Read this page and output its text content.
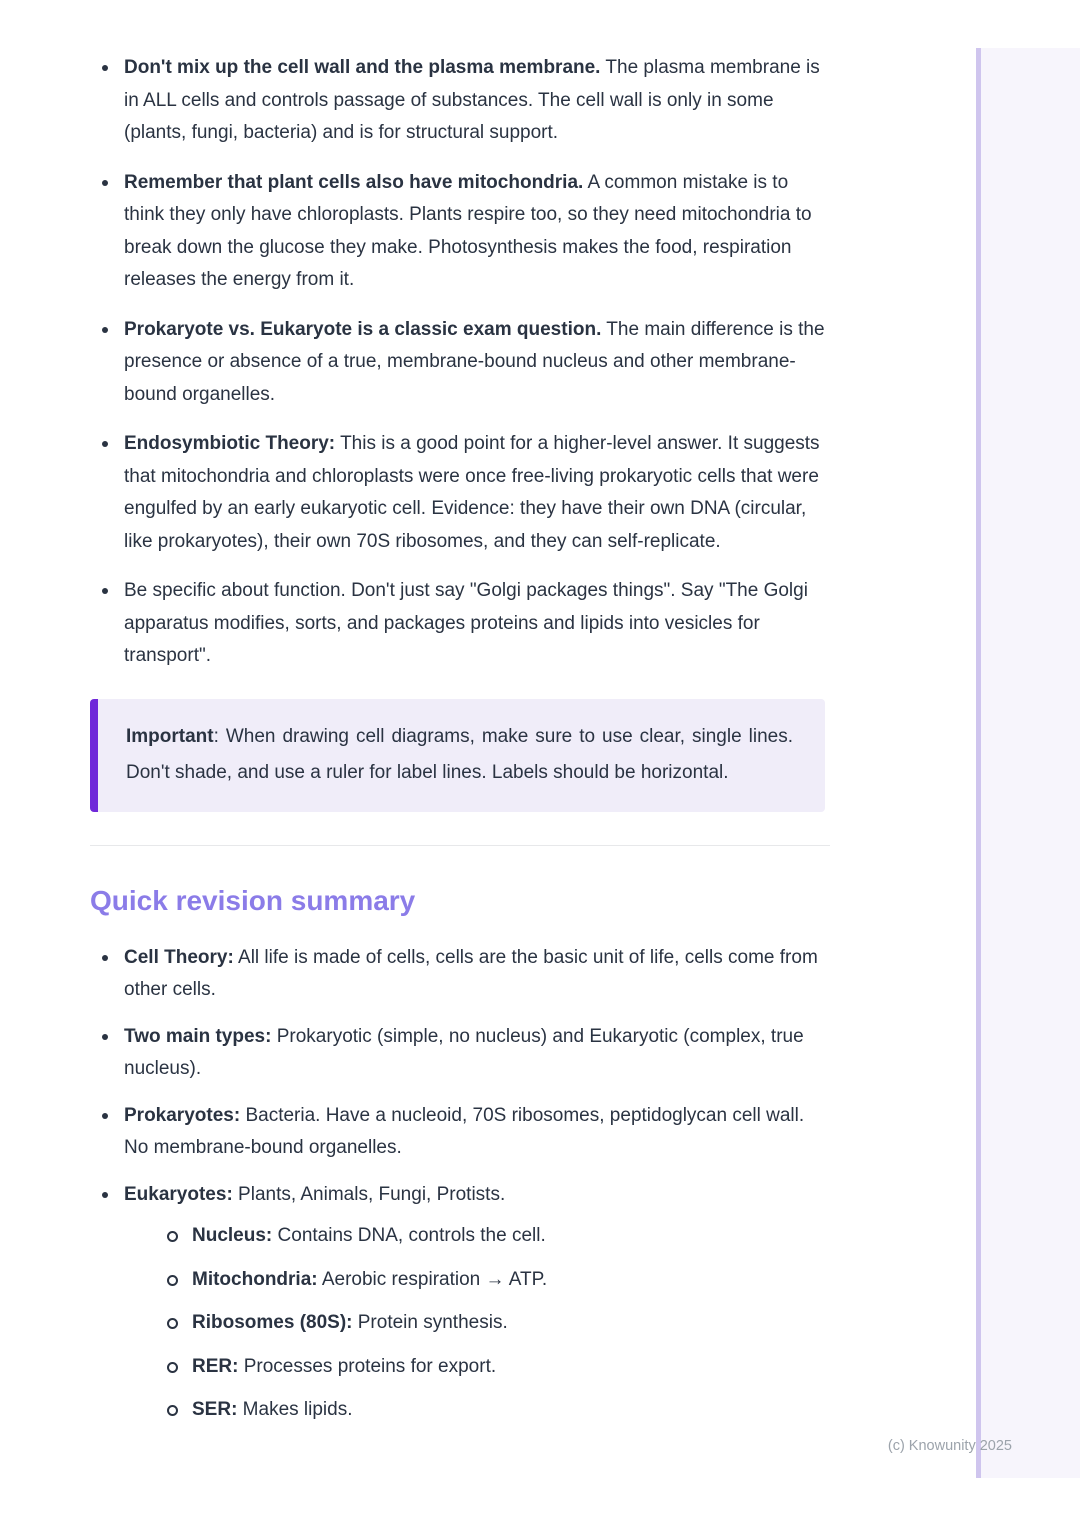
Don't mix up the cell wall and the plasma membrane. The plasma membrane is in ALL cells and controls passage of substances. The cell wall is only in some (plants, fungi, bacteria) and is for structural support.
Remember that plant cells also have mitochondria. A common mistake is to think they only have chloroplasts. Plants respire too, so they need mitochondria to break down the glucose they make. Photosynthesis makes the food, respiration releases the energy from it.
Prokaryote vs. Eukaryote is a classic exam question. The main difference is the presence or absence of a true, membrane-bound nucleus and other membrane-bound organelles.
Endosymbiotic Theory: This is a good point for a higher-level answer. It suggests that mitochondria and chloroplasts were once free-living prokaryotic cells that were engulfed by an early eukaryotic cell. Evidence: they have their own DNA (circular, like prokaryotes), their own 70S ribosomes, and they can self-replicate.
Be specific about function. Don't just say "Golgi packages things". Say "The Golgi apparatus modifies, sorts, and packages proteins and lipids into vesicles for transport".

Important: When drawing cell diagrams, make sure to use clear, single lines. Don't shade, and use a ruler for label lines. Labels should be horizontal.

Quick revision summary
Cell Theory: All life is made of cells, cells are the basic unit of life, cells come from other cells.
Two main types: Prokaryotic (simple, no nucleus) and Eukaryotic (complex, true nucleus).
Prokaryotes: Bacteria. Have a nucleoid, 70S ribosomes, peptidoglycan cell wall. No membrane-bound organelles.
Eukaryotes: Plants, Animals, Fungi, Protists.
Nucleus: Contains DNA, controls the cell.
Mitochondria: Aerobic respiration → ATP.
Ribosomes (80S): Protein synthesis.
RER: Processes proteins for export.
SER: Makes lipids.
(c) Knowunity 2025
